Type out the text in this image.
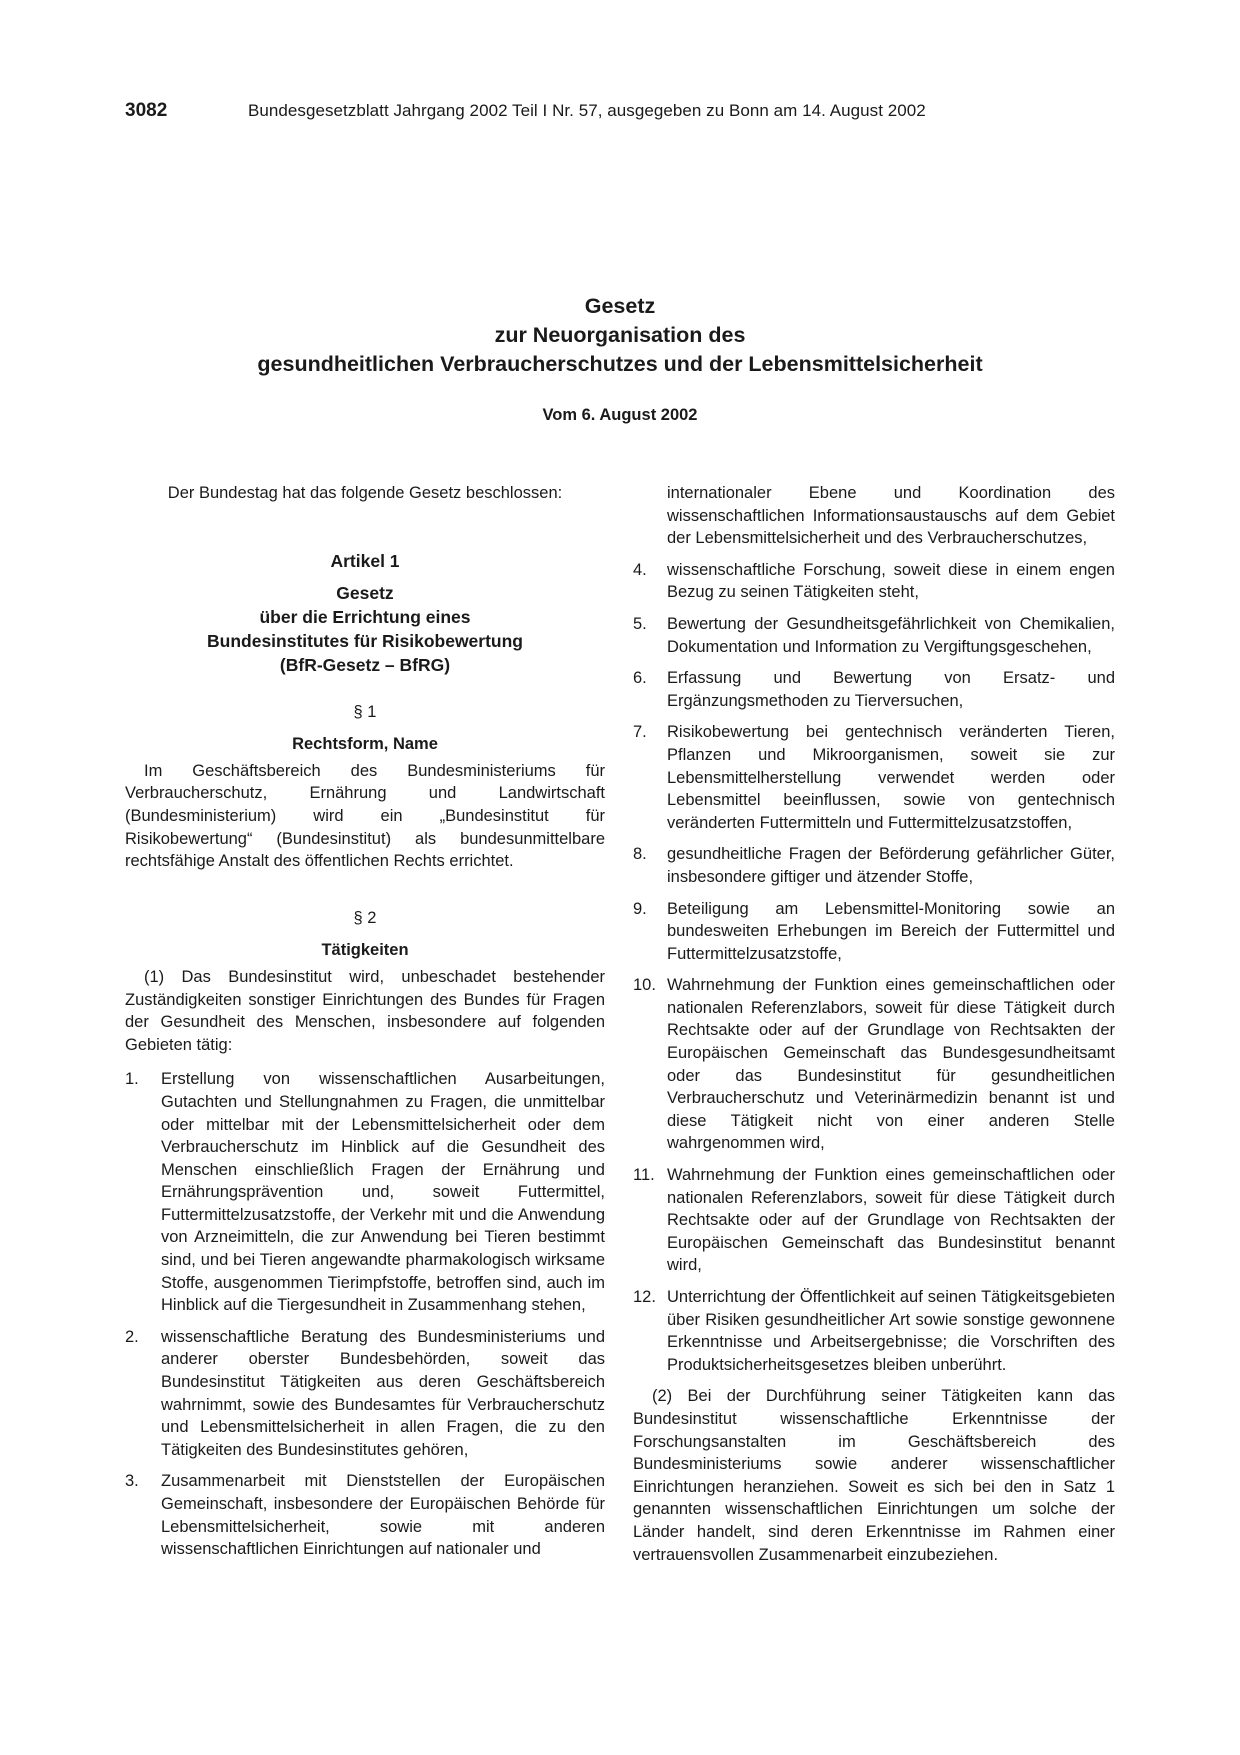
3082	Bundesgesetzblatt Jahrgang 2002 Teil I Nr. 57, ausgegeben zu Bonn am 14. August 2002
Gesetz
zur Neuorganisation des
gesundheitlichen Verbraucherschutzes und der Lebensmittelsicherheit
Vom 6. August 2002

Der Bundestag hat das folgende Gesetz beschlossen:

Artikel 1
Gesetz
über die Errichtung eines
Bundesinstitutes für Risikobewertung
(BfR-Gesetz – BfRG)
§ 1
Rechtsform, Name

Im Geschäftsbereich des Bundesministeriums für Verbraucherschutz, Ernährung und Landwirtschaft (Bundesministerium) wird ein „Bundesinstitut für Risikobewertung“ (Bundesinstitut) als bundesunmittelbare rechtsfähige Anstalt des öffentlichen Rechts errichtet.

§ 2
Tätigkeiten

(1) Das Bundesinstitut wird, unbeschadet bestehender Zuständigkeiten sonstiger Einrichtungen des Bundes für Fragen der Gesundheit des Menschen, insbesondere auf folgenden Gebieten tätig:

1.	Erstellung von wissenschaftlichen Ausarbeitungen, Gutachten und Stellungnahmen zu Fragen, die unmittelbar oder mittelbar mit der Lebensmittelsicherheit oder dem Verbraucherschutz im Hinblick auf die Gesundheit des Menschen einschließlich Fragen der Ernährung und Ernährungsprävention und, soweit Futtermittel, Futtermittelzusatzstoffe, der Verkehr mit und die Anwendung von Arzneimitteln, die zur Anwendung bei Tieren bestimmt sind, und bei Tieren angewandte pharmakologisch wirksame Stoffe, ausgenommen Tierimpfstoffe, betroffen sind, auch im Hinblick auf die Tiergesundheit in Zusammenhang stehen,
2.	wissenschaftliche Beratung des Bundesministeriums und anderer oberster Bundesbehörden, soweit das Bundesinstitut Tätigkeiten aus deren Geschäftsbereich wahrnimmt, sowie des Bundesamtes für Verbraucherschutz und Lebensmittelsicherheit in allen Fragen, die zu den Tätigkeiten des Bundesinstitutes gehören,
3.	Zusammenarbeit mit Dienststellen der Europäischen Gemeinschaft, insbesondere der Europäischen Behörde für Lebensmittelsicherheit, sowie mit anderen wissenschaftlichen Einrichtungen auf nationaler und

internationaler Ebene und Koordination des wissenschaftlichen Informationsaustauschs auf dem Gebiet der Lebensmittelsicherheit und des Verbraucherschutzes,

4.	wissenschaftliche Forschung, soweit diese in einem engen Bezug zu seinen Tätigkeiten steht,
5.	Bewertung der Gesundheitsgefährlichkeit von Chemikalien, Dokumentation und Information zu Vergiftungsgeschehen,
6.	Erfassung und Bewertung von Ersatz- und Ergänzungsmethoden zu Tierversuchen,
7.	Risikobewertung bei gentechnisch veränderten Tieren, Pflanzen und Mikroorganismen, soweit sie zur Lebensmittelherstellung verwendet werden oder Lebensmittel beeinflussen, sowie von gentechnisch veränderten Futtermitteln und Futtermittelzusatzstoffen,
8.	gesundheitliche Fragen der Beförderung gefährlicher Güter, insbesondere giftiger und ätzender Stoffe,
9.	Beteiligung am Lebensmittel-Monitoring sowie an bundesweiten Erhebungen im Bereich der Futtermittel und Futtermittelzusatzstoffe,
10. Wahrnehmung der Funktion eines gemeinschaftlichen oder nationalen Referenzlabors, soweit für diese Tätigkeit durch Rechtsakte oder auf der Grundlage von Rechtsakten der Europäischen Gemeinschaft das Bundesgesundheitsamt oder das Bundesinstitut für gesundheitlichen Verbraucherschutz und Veterinärmedizin benannt ist und diese Tätigkeit nicht von einer anderen Stelle wahrgenommen wird,
11. Wahrnehmung der Funktion eines gemeinschaftlichen oder nationalen Referenzlabors, soweit für diese Tätigkeit durch Rechtsakte oder auf der Grundlage von Rechtsakten der Europäischen Gemeinschaft das Bundesinstitut benannt wird,
12. Unterrichtung der Öffentlichkeit auf seinen Tätigkeitsgebieten über Risiken gesundheitlicher Art sowie sonstige gewonnene Erkenntnisse und Arbeitsergebnisse; die Vorschriften des Produktsicherheitsgesetzes bleiben unberührt.

(2) Bei der Durchführung seiner Tätigkeiten kann das Bundesinstitut wissenschaftliche Erkenntnisse der Forschungsanstalten im Geschäftsbereich des Bundesministeriums sowie anderer wissenschaftlicher Einrichtungen heranziehen. Soweit es sich bei den in Satz 1 genannten wissenschaftlichen Einrichtungen um solche der Länder handelt, sind deren Erkenntnisse im Rahmen einer vertrauensvollen Zusammenarbeit einzubeziehen.
